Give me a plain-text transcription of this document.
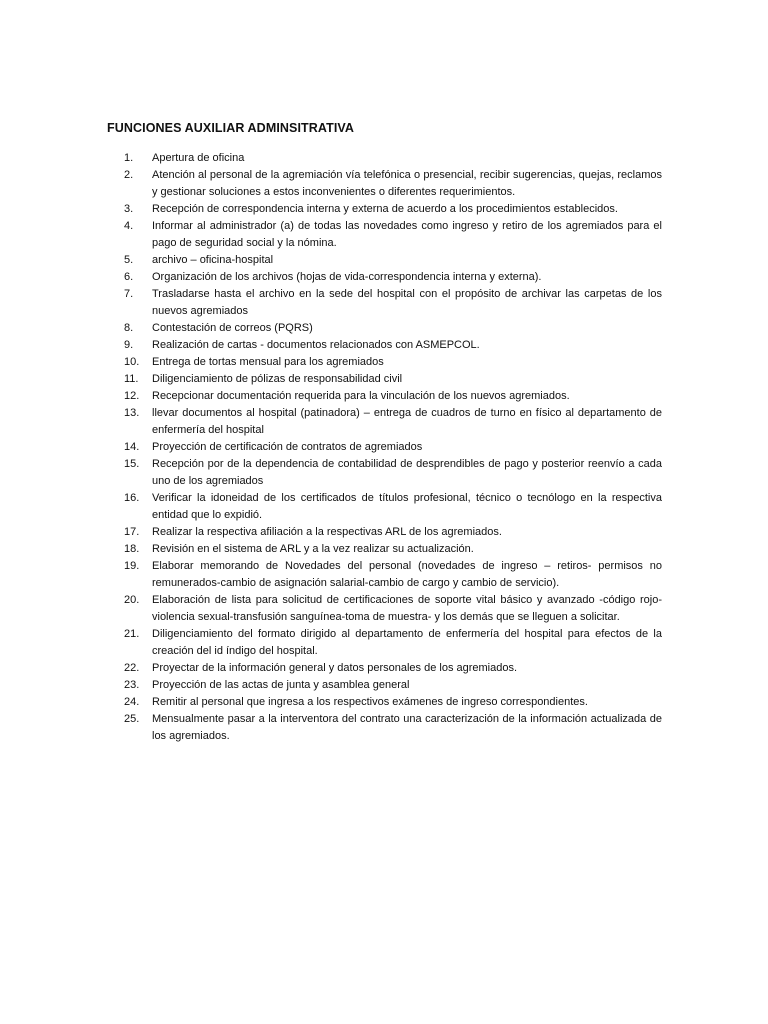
FUNCIONES AUXILIAR ADMINSITRATIVA
1.	Apertura de oficina
2.	Atención al personal de la agremiación vía telefónica o presencial, recibir sugerencias, quejas, reclamos y gestionar soluciones a estos inconvenientes o diferentes requerimientos.
3.	Recepción de correspondencia interna y externa de acuerdo a los procedimientos establecidos.
4.	Informar al administrador (a) de todas las novedades como ingreso y retiro de los agremiados para el pago de seguridad social y la nómina.
5.	archivo – oficina-hospital
6.	Organización de los archivos (hojas de vida-correspondencia interna y externa).
7.	Trasladarse hasta el archivo en la sede del hospital con el propósito de archivar las carpetas de los nuevos agremiados
8.	Contestación de correos (PQRS)
9.	Realización de cartas - documentos relacionados con ASMEPCOL.
10.	Entrega de tortas mensual para los agremiados
11.	Diligenciamiento de pólizas de responsabilidad civil
12.	Recepcionar documentación requerida para la vinculación de los nuevos agremiados.
13.	llevar documentos al hospital (patinadora) – entrega de cuadros de turno en físico al departamento de enfermería del hospital
14.	Proyección de certificación de contratos de agremiados
15.	Recepción por de la dependencia de contabilidad de desprendibles de pago y posterior reenvío a cada uno de los agremiados
16.	Verificar la idoneidad de los certificados de títulos profesional, técnico o tecnólogo en la respectiva entidad que lo expidió.
17.	Realizar la respectiva afiliación a la respectivas ARL de los agremiados.
18.	Revisión en el sistema de ARL y a la vez realizar su actualización.
19.	Elaborar memorando de Novedades del personal (novedades de ingreso – retiros- permisos no remunerados-cambio de asignación salarial-cambio de cargo y cambio de servicio).
20.	Elaboración de lista para solicitud de certificaciones de soporte vital básico y avanzado -código rojo- violencia sexual-transfusión sanguínea-toma de muestra- y los demás que se lleguen a solicitar.
21.	Diligenciamiento del formato dirigido al departamento de enfermería del hospital para efectos de la creación del id índigo del hospital.
22.	Proyectar de la información general y datos personales de los agremiados.
23.	Proyección de las actas de junta y asamblea general
24.	Remitir al personal que ingresa a los respectivos exámenes de ingreso correspondientes.
25.	Mensualmente pasar a la interventora del contrato una caracterización de la información actualizada de los agremiados.
